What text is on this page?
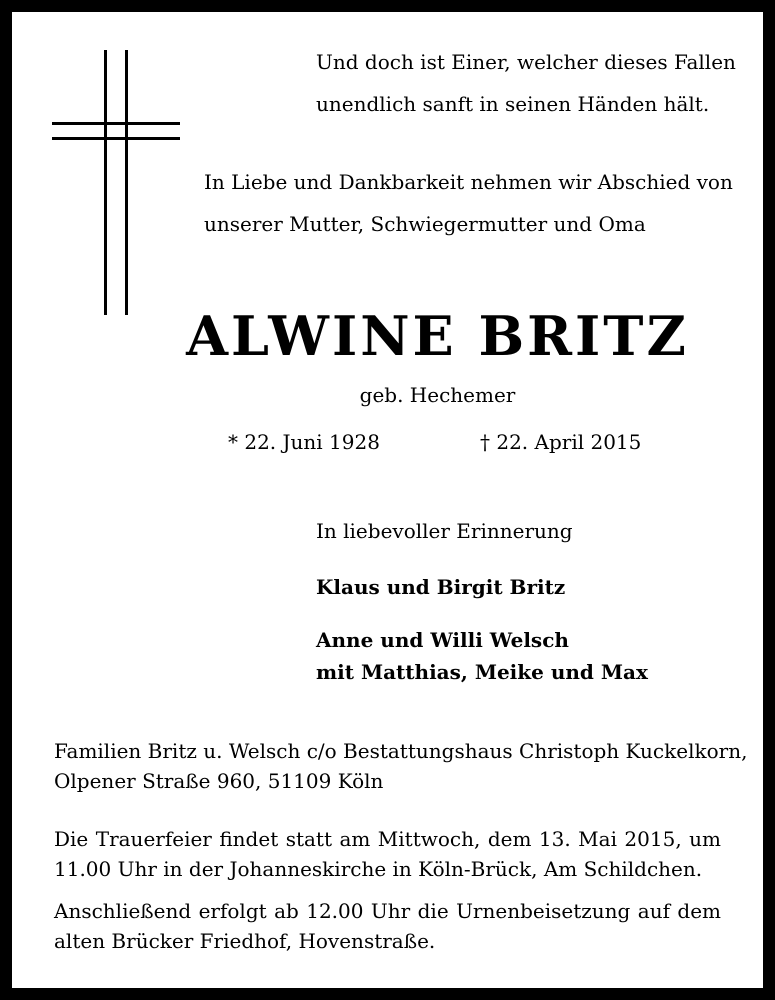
Und doch ist Einer, welcher dieses Fallen
unendlich sanft in seinen Händen hält.
In Liebe und Dankbarkeit nehmen wir Abschied von
unserer Mutter, Schwiegermutter und Oma
ALWINE BRITZ
geb. Hechemer
* 22. Juni 1928	† 22. April 2015
In liebevoller Erinnerung
Klaus und Birgit Britz
Anne und Willi Welsch
mit Matthias, Meike und Max
Familien Britz u. Welsch c/o Bestattungshaus Christoph Kuckelkorn,
Olpener Straße 960, 51109 Köln
Die Trauerfeier findet statt am Mittwoch, dem 13. Mai 2015, um
11.00 Uhr in der Johanneskirche in Köln-Brück, Am Schildchen.
Anschließend erfolgt ab 12.00 Uhr die Urnenbeisetzung auf dem
alten Brücker Friedhof, Hovenstraße.
